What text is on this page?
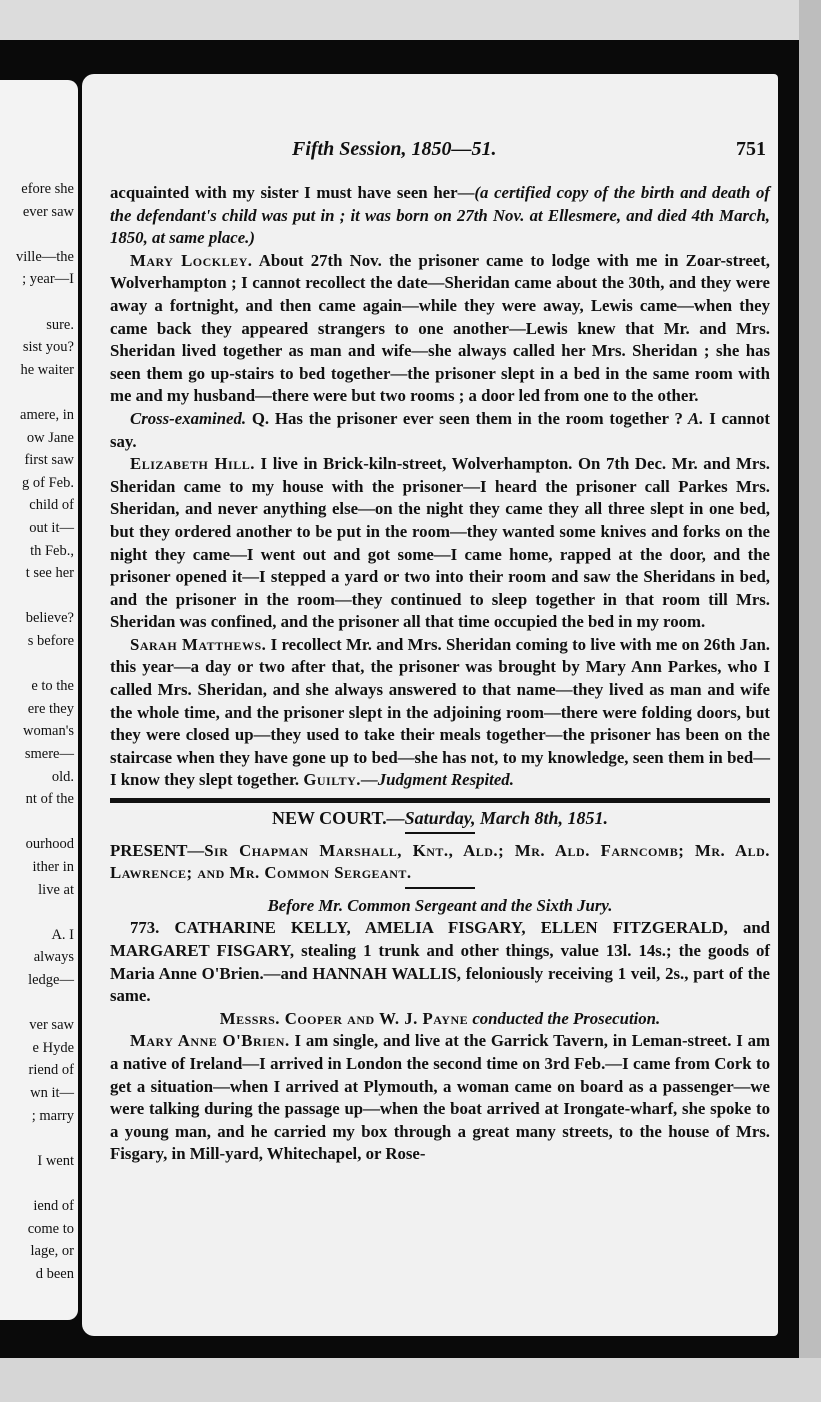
efore she
ever saw
ville—the
; year—I
sure.
sist you?
he waiter
amere, in
ow Jane
first saw
g of Feb.
child of
out it—
th Feb.,
t see her
believe?
s before
e to the
ere they
woman's
smere—
old.
nt of the
ourhood
ither in
live at
A. I
always
ledge—
ver saw
e Hyde
riend of
wn it—
; marry
I went
iend of
come to
lage, or
d been
Fifth Session, 1850—51.	751

acquainted with my sister I must have seen her—(a certified copy of the birth and death of the defendant's child was put in ; it was born on 27th Nov. at Ellesmere, and died 4th March, 1850, at same place.)

Mary Lockley. About 27th Nov. the prisoner came to lodge with me in Zoar-street, Wolverhampton ; I cannot recollect the date—Sheridan came about the 30th, and they were away a fortnight, and then came again—while they were away, Lewis came—when they came back they appeared strangers to one another—Lewis knew that Mr. and Mrs. Sheridan lived together as man and wife—she always called her Mrs. Sheridan ; she has seen them go up-stairs to bed together—the prisoner slept in a bed in the same room with me and my husband—there were but two rooms ; a door led from one to the other.

Cross-examined. Q. Has the prisoner ever seen them in the room together ? A. I cannot say.

Elizabeth Hill. I live in Brick-kiln-street, Wolverhampton. On 7th Dec. Mr. and Mrs. Sheridan came to my house with the prisoner—I heard the prisoner call Parkes Mrs. Sheridan, and never anything else—on the night they came they all three slept in one bed, but they ordered another to be put in the room—they wanted some knives and forks on the night they came—I went out and got some—I came home, rapped at the door, and the prisoner opened it—I stepped a yard or two into their room and saw the Sheridans in bed, and the prisoner in the room—they continued to sleep together in that room till Mrs. Sheridan was confined, and the prisoner all that time occupied the bed in my room.

Sarah Matthews. I recollect Mr. and Mrs. Sheridan coming to live with me on 26th Jan. this year—a day or two after that, the prisoner was brought by Mary Ann Parkes, who I called Mrs. Sheridan, and she always answered to that name—they lived as man and wife the whole time, and the prisoner slept in the adjoining room—there were folding doors, but they were closed up—they used to take their meals together—the prisoner has been on the staircase when they have gone up to bed—she has not, to my knowledge, seen them in bed—I know they slept together. Guilty.—Judgment Respited.

NEW COURT.—Saturday, March 8th, 1851.

PRESENT—Sir Chapman Marshall, Knt., Ald.; Mr. Ald. Farncomb; Mr. Ald. Lawrence; and Mr. Common Sergeant.

Before Mr. Common Sergeant and the Sixth Jury.

773. CATHARINE KELLY, AMELIA FISGARY, ELLEN FITZGERALD, and MARGARET FISGARY, stealing 1 trunk and other things, value 13l. 14s.; the goods of Maria Anne O'Brien.—and HANNAH WALLIS, feloniously receiving 1 veil, 2s., part of the same.

Messrs. Cooper and W. J. Payne conducted the Prosecution.

Mary Anne O'Brien. I am single, and live at the Garrick Tavern, in Leman-street. I am a native of Ireland—I arrived in London the second time on 3rd Feb.—I came from Cork to get a situation—when I arrived at Plymouth, a woman came on board as a passenger—we were talking during the passage up—when the boat arrived at Irongate-wharf, she spoke to a young man, and he carried my box through a great many streets, to the house of Mrs. Fisgary, in Mill-yard, Whitechapel, or Rose-
